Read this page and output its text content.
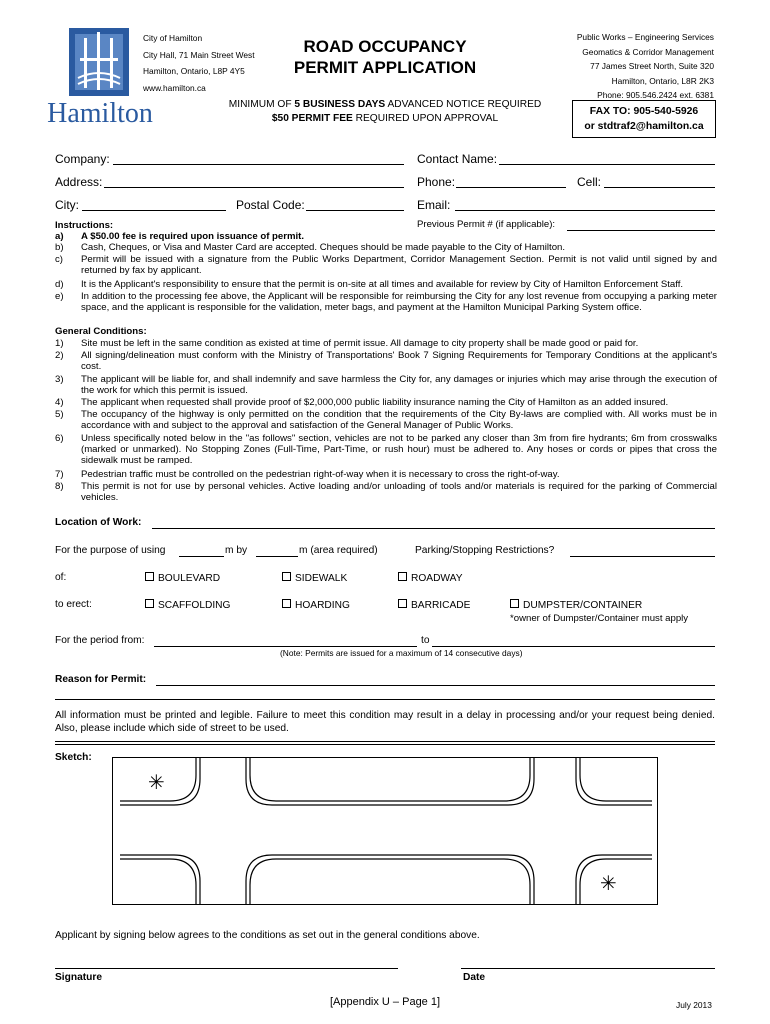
Hamilton
City of Hamilton
City Hall, 71 Main Street West
Hamilton, Ontario, L8P 4Y5
www.hamilton.ca
ROAD OCCUPANCY
PERMIT APPLICATION
Public Works – Engineering Services
Geomatics & Corridor Management
77 James Street North, Suite 320
Hamilton, Ontario, L8R 2K3
Phone: 905.546.2424 ext. 6381
MINIMUM OF 5 BUSINESS DAYS ADVANCED NOTICE REQUIRED
$50 PERMIT FEE REQUIRED UPON APPROVAL
FAX TO: 905-540-5926
or stdtraf2@hamilton.ca
Company:	Contact Name:
Address:	Phone:	Cell:
City:	Postal Code:	Email:
Previous Permit # (if applicable):
Instructions:
a) A $50.00 fee is required upon issuance of permit.
b) Cash, Cheques, or Visa and Master Card are accepted. Cheques should be made payable to the City of Hamilton.
c) Permit will be issued with a signature from the Public Works Department, Corridor Management Section. Permit is not valid until signed by and returned by fax by applicant.
d) It is the Applicant's responsibility to ensure that the permit is on-site at all times and available for review by City of Hamilton Enforcement Staff.
e) In addition to the processing fee above, the Applicant will be responsible for reimbursing the City for any lost revenue from occupying a parking meter space, and the applicant is responsible for the validation, meter bags, and payment at the Hamilton Municipal Parking System office.
General Conditions:
1) Site must be left in the same condition as existed at time of permit issue. All damage to city property shall be made good or paid for.
2) All signing/delineation must conform with the Ministry of Transportations' Book 7 Signing Requirements for Temporary Conditions at the applicant's cost.
3) The applicant will be liable for, and shall indemnify and save harmless the City for, any damages or injuries which may arise through the execution of the work for which this permit is issued.
4) The applicant when requested shall provide proof of $2,000,000 public liability insurance naming the City of Hamilton as an added insured.
5) The occupancy of the highway is only permitted on the condition that the requirements of the City By-laws are complied with. All works must be in accordance with and subject to the approval and satisfaction of the General Manager of Public Works.
6) Unless specifically noted below in the "as follows" section, vehicles are not to be parked any closer than 3m from fire hydrants; 6m from crosswalks (marked or unmarked). No Stopping Zones (Full-Time, Part-Time, or rush hour) must be adhered to. Any hoses or cords or pipes that cross the sidewalk must be ramped.
7) Pedestrian traffic must be controlled on the pedestrian right-of-way when it is necessary to cross the right-of-way.
8) This permit is not for use by personal vehicles. Active loading and/or unloading of tools and/or materials is required for the parking of Commercial vehicles.
Location of Work:
For the purpose of using	m by	m (area required)	Parking/Stopping Restrictions?
of:	BOULEVARD	SIDEWALK	ROADWAY
to erect:	SCAFFOLDING	HOARDING	BARRICADE	DUMPSTER/CONTAINER
*owner of Dumpster/Container must apply
For the period from:	to
(Note: Permits are issued for a maximum of 14 consecutive days)
Reason for Permit:
All information must be printed and legible. Failure to meet this condition may result in a delay in processing and/or your request being denied. Also, please include which side of street to be used.
Sketch:
✳
✳
Applicant by signing below agrees to the conditions as set out in the general conditions above.
Signature	Date
[Appendix U – Page 1]	July 2013
